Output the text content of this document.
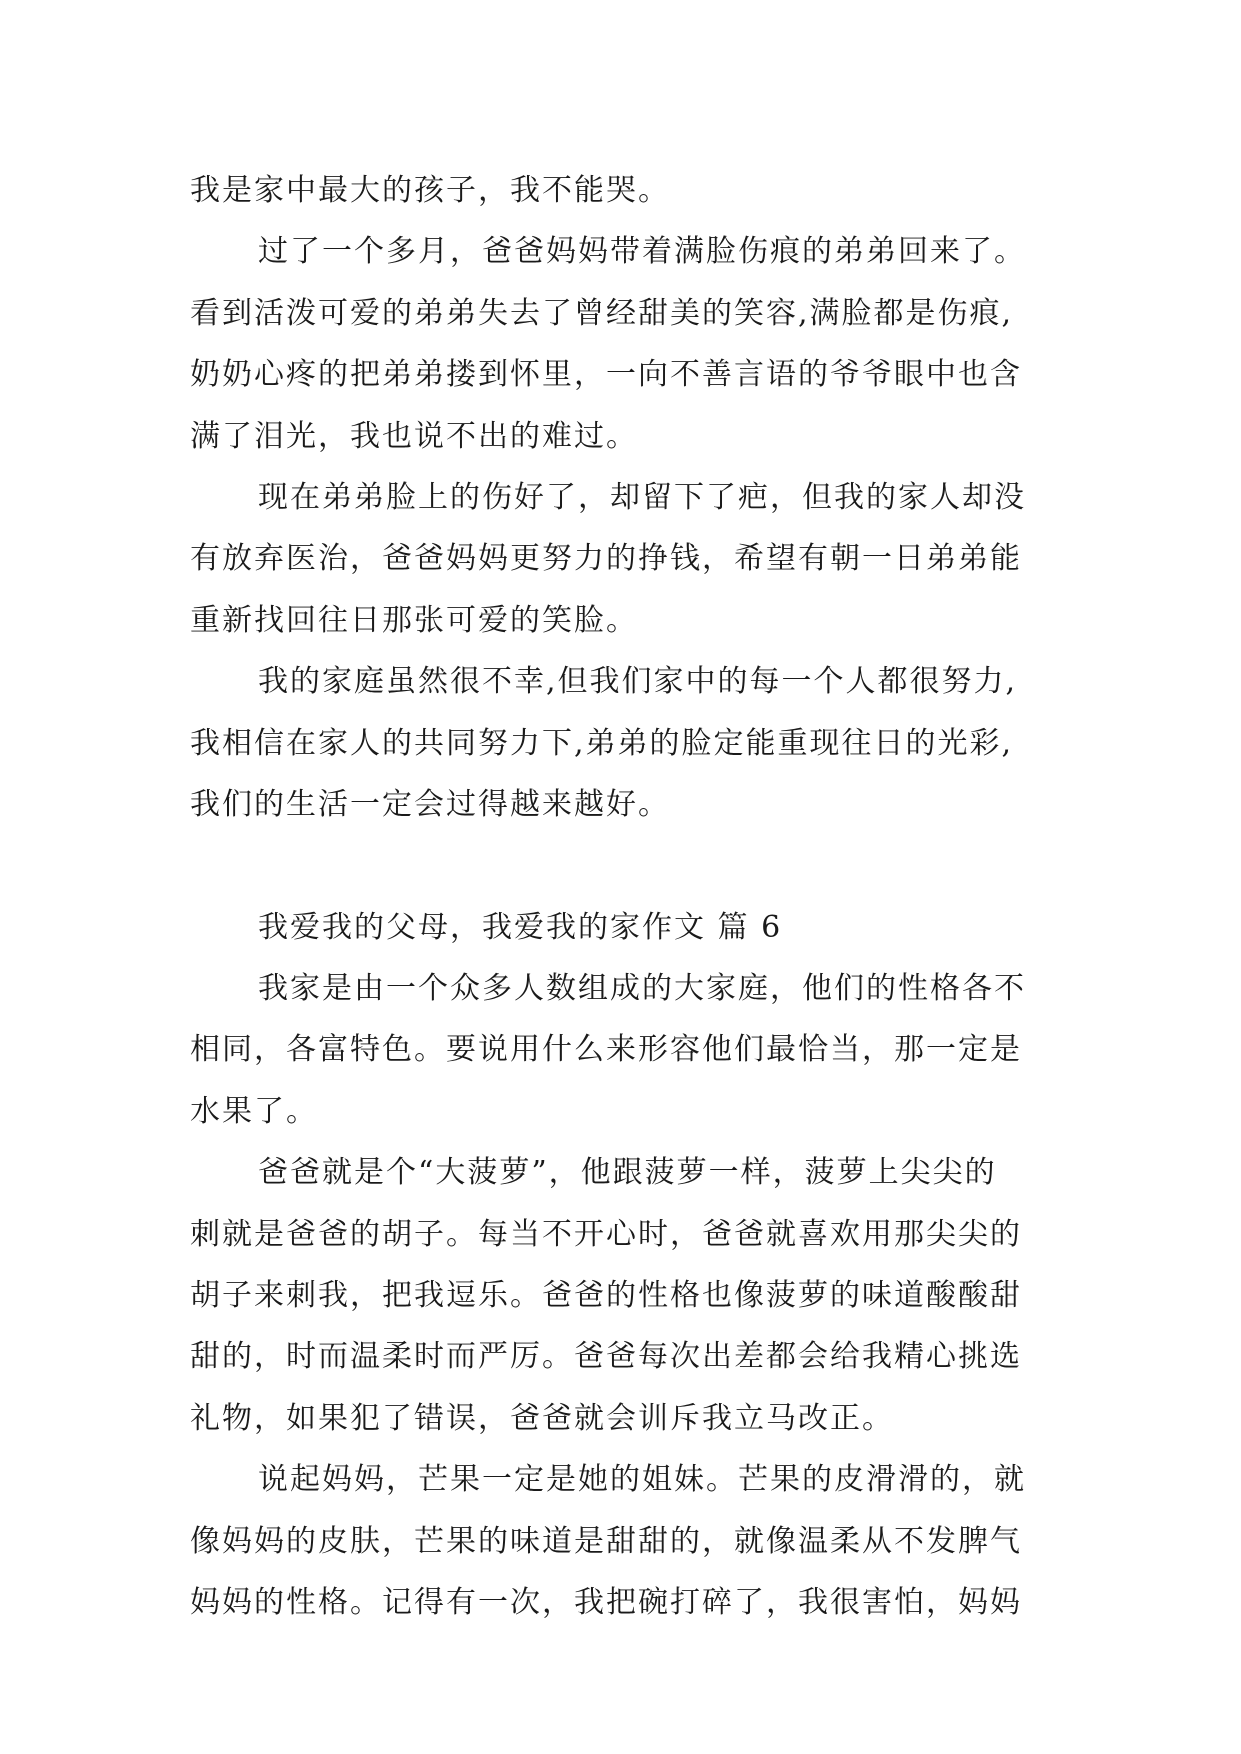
我是家中最大的孩子，我不能哭。
过了一个多月，爸爸妈妈带着满脸伤痕的弟弟回来了。
看到活泼可爱的弟弟失去了曾经甜美的笑容,满脸都是伤痕,
奶奶心疼的把弟弟搂到怀里，一向不善言语的爷爷眼中也含
满了泪光，我也说不出的难过。
现在弟弟脸上的伤好了，却留下了疤，但我的家人却没
有放弃医治，爸爸妈妈更努力的挣钱，希望有朝一日弟弟能
重新找回往日那张可爱的笑脸。
我的家庭虽然很不幸,但我们家中的每一个人都很努力,
我相信在家人的共同努力下,弟弟的脸定能重现往日的光彩,
我们的生活一定会过得越来越好。
我爱我的父母，我爱我的家作文 篇 6
我家是由一个众多人数组成的大家庭，他们的性格各不
相同，各富特色。要说用什么来形容他们最恰当，那一定是
水果了。
爸爸就是个“大菠萝”，他跟菠萝一样，菠萝上尖尖的
刺就是爸爸的胡子。每当不开心时，爸爸就喜欢用那尖尖的
胡子来刺我，把我逗乐。爸爸的性格也像菠萝的味道酸酸甜
甜的，时而温柔时而严厉。爸爸每次出差都会给我精心挑选
礼物，如果犯了错误，爸爸就会训斥我立马改正。
说起妈妈，芒果一定是她的姐妹。芒果的皮滑滑的，就
像妈妈的皮肤，芒果的味道是甜甜的，就像温柔从不发脾气
妈妈的性格。记得有一次，我把碗打碎了，我很害怕，妈妈
